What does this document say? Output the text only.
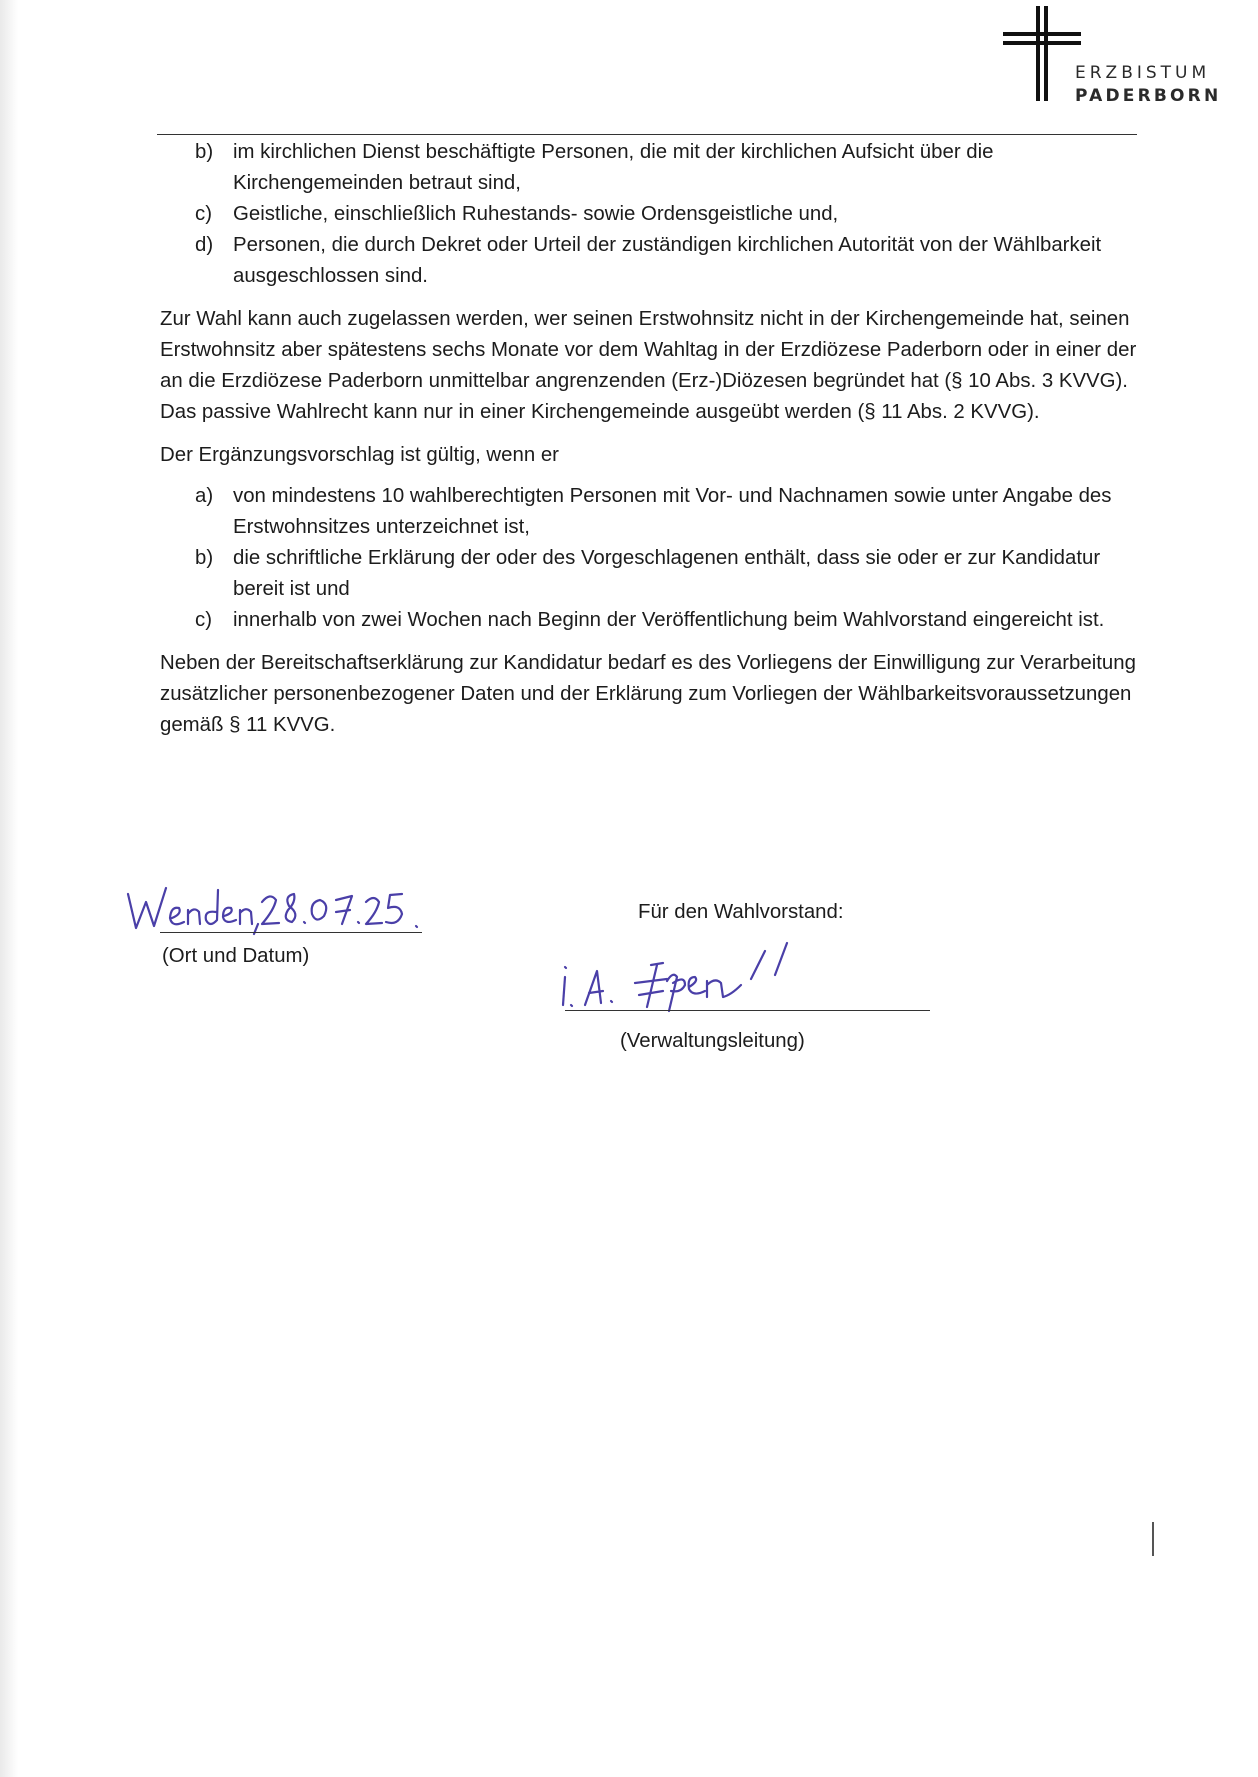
ERZBISTUM
PADERBORN
b) im kirchlichen Dienst beschäftigte Personen, die mit der kirchlichen Aufsicht über die Kirchengemeinden betraut sind,
c)	Geistliche, einschließlich Ruhestands- sowie Ordensgeistliche und,
d) Personen, die durch Dekret oder Urteil der zuständigen kirchlichen Autorität von der Wählbarkeit ausgeschlossen sind.

Zur Wahl kann auch zugelassen werden, wer seinen Erstwohnsitz nicht in der Kirchengemeinde hat, seinen Erstwohnsitz aber spätestens sechs Monate vor dem Wahltag in der Erzdiözese Paderborn oder in einer der an die Erzdiözese Paderborn unmittelbar angrenzenden (Erz-)Diözesen begründet hat (§ 10 Abs. 3 KVVG). Das passive Wahlrecht kann nur in einer Kirchengemeinde ausgeübt werden (§ 11 Abs. 2 KVVG).

Der Ergänzungsvorschlag ist gültig, wenn er

a) von mindestens 10 wahlberechtigten Personen mit Vor- und Nachnamen sowie unter Angabe des Erstwohnsitzes unterzeichnet ist,
b) die schriftliche Erklärung der oder des Vorgeschlagenen enthält, dass sie oder er zur Kandidatur bereit ist und
c)	innerhalb von zwei Wochen nach Beginn der Veröffentlichung beim Wahlvorstand eingereicht ist.

Neben der Bereitschaftserklärung zur Kandidatur bedarf es des Vorliegens der Einwilligung zur Verarbeitung zusätzlicher personenbezogener Daten und der Erklärung zum Vorliegen der Wählbarkeitsvoraussetzungen gemäß § 11 KVVG.

(Ort und Datum)
Für den Wahlvorstand:
(Verwaltungsleitung)
